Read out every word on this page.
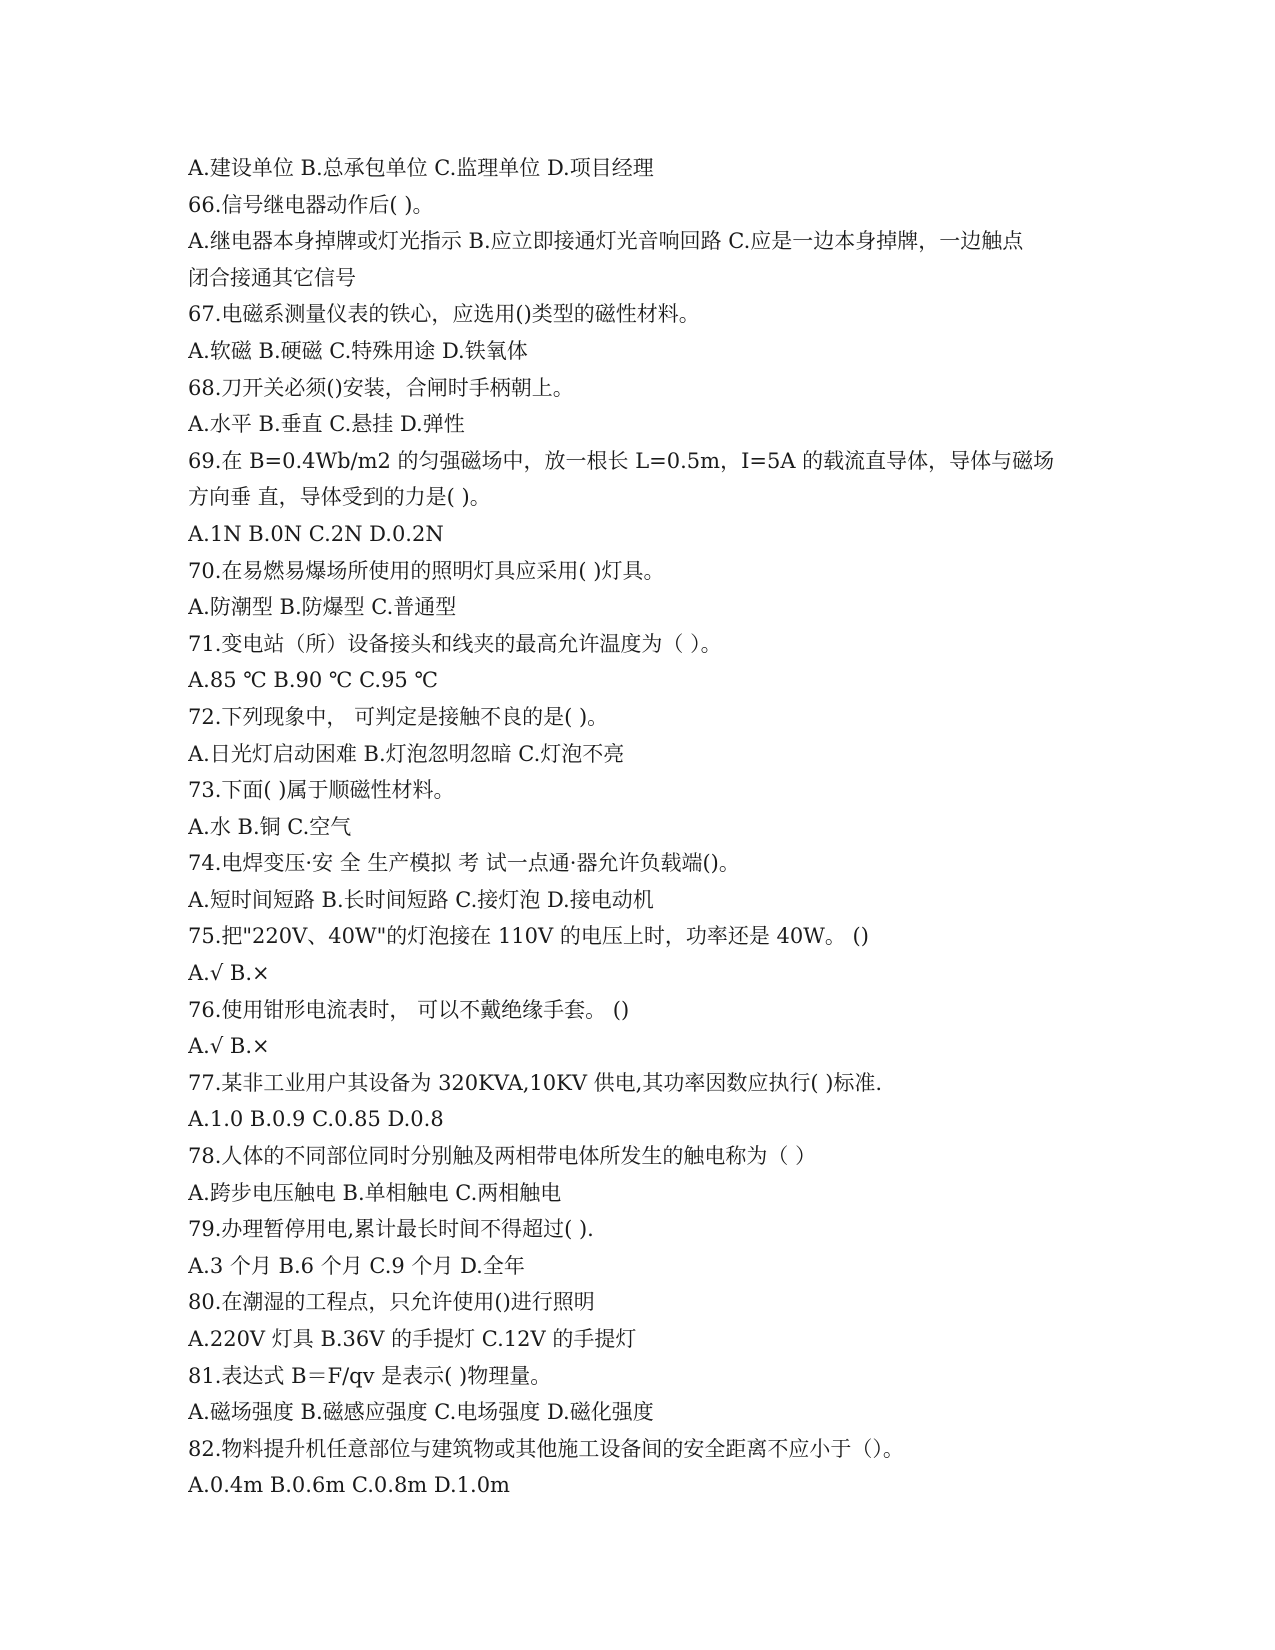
A.建设单位 B.总承包单位 C.监理单位 D.项目经理
66.信号继电器动作后( )。
A.继电器本身掉牌或灯光指示 B.应立即接通灯光音响回路 C.应是一边本身掉牌，一边触点
闭合接通其它信号
67.电磁系测量仪表的铁心，应选用()类型的磁性材料。
A.软磁 B.硬磁 C.特殊用途 D.铁氧体
68.刀开关必须()安装，合闸时手柄朝上。
A.水平 B.垂直 C.悬挂 D.弹性
69.在 B=0.4Wb/m2 的匀强磁场中，放一根长 L=0.5m，I=5A 的载流直导体，导体与磁场
方向垂 直，导体受到的力是( )。
A.1N B.0N C.2N D.0.2N
70.在易燃易爆场所使用的照明灯具应采用( )灯具。
A.防潮型 B.防爆型 C.普通型
71.变电站（所）设备接头和线夹的最高允许温度为（ ）。
A.85 ℃ B.90 ℃ C.95 ℃
72.下列现象中， 可判定是接触不良的是( )。
A.日光灯启动困难 B.灯泡忽明忽暗 C.灯泡不亮
73.下面( )属于顺磁性材料。
A.水 B.铜 C.空气
74.电焊变压·安 全 生产模拟 考 试一点通·器允许负载端()。
A.短时间短路 B.长时间短路 C.接灯泡 D.接电动机
75.把"220V、40W"的灯泡接在 110V 的电压上时，功率还是 40W。 ()
A.√ B.×
76.使用钳形电流表时， 可以不戴绝缘手套。 ()
A.√ B.×
77.某非工业用户其设备为 320KVA,10KV 供电,其功率因数应执行( )标准.
A.1.0 B.0.9 C.0.85 D.0.8
78.人体的不同部位同时分别触及两相带电体所发生的触电称为（ ）
A.跨步电压触电 B.单相触电 C.两相触电
79.办理暂停用电,累计最长时间不得超过( ).
A.3 个月 B.6 个月 C.9 个月 D.全年
80.在潮湿的工程点，只允许使用()进行照明
A.220V 灯具 B.36V 的手提灯 C.12V 的手提灯
81.表达式 B＝F/qv 是表示( )物理量。
A.磁场强度 B.磁感应强度 C.电场强度 D.磁化强度
82.物料提升机任意部位与建筑物或其他施工设备间的安全距离不应小于（）。
A.0.4m B.0.6m C.0.8m D.1.0m
